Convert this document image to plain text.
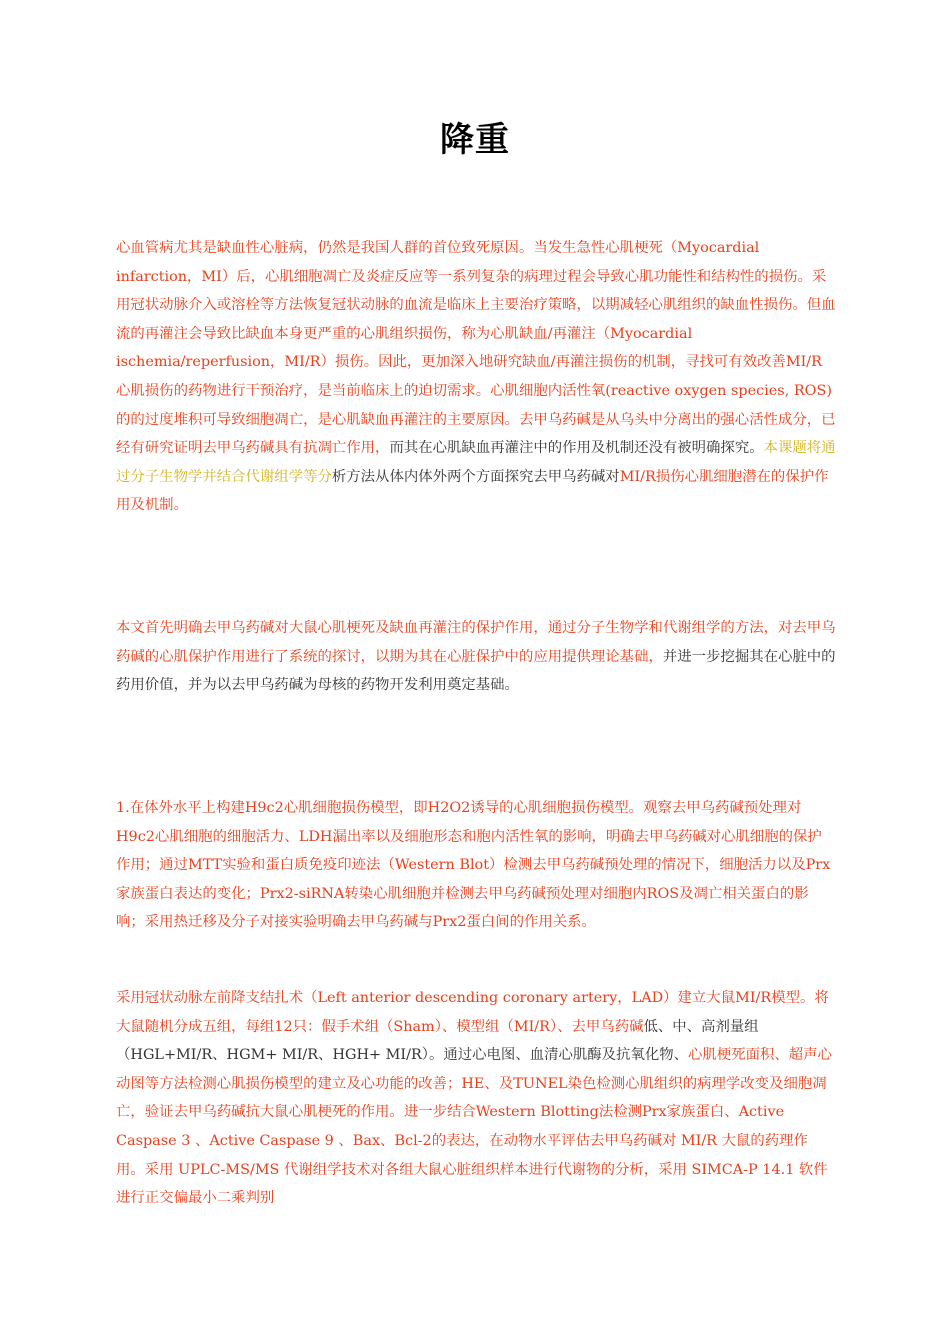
降重

心血管病尤其是缺血性心脏病，仍然是我国人群的首位致死原因。当发生急性心肌梗死（Myocardial infarction，MI）后，心肌细胞凋亡及炎症反应等一系列复杂的病理过程会导致心肌功能性和结构性的损伤。采用冠状动脉介入或溶栓等方法恢复冠状动脉的血流是临床上主要治疗策略，以期减轻心肌组织的缺血性损伤。但血流的再灌注会导致比缺血本身更严重的心肌组织损伤，称为心肌缺血/再灌注（Myocardial ischemia/reperfusion，MI/R）损伤。因此，更加深入地研究缺血/再灌注损伤的机制，寻找可有效改善MI/R心肌损伤的药物进行干预治疗，是当前临床上的迫切需求。心肌细胞内活性氧(reactive oxygen species, ROS)的的过度堆积可导致细胞凋亡，是心肌缺血再灌注的主要原因。去甲乌药碱是从乌头中分离出的强心活性成分，已经有研究证明去甲乌药碱具有抗凋亡作用，而其在心肌缺血再灌注中的作用及机制还没有被明确探究。本课题将通过分子生物学并结合代谢组学等分析方法从体内体外两个方面探究去甲乌药碱对MI/R损伤心肌细胞潜在的保护作用及机制。

本文首先明确去甲乌药碱对大鼠心肌梗死及缺血再灌注的保护作用，通过分子生物学和代谢组学的方法，对去甲乌药碱的心肌保护作用进行了系统的探讨，以期为其在心脏保护中的应用提供理论基础，并进一步挖掘其在心脏中的药用价值，并为以去甲乌药碱为母核的药物开发利用奠定基础。

1.在体外水平上构建H9c2心肌细胞损伤模型，即H2O2诱导的心肌细胞损伤模型。观察去甲乌药碱预处理对H9c2心肌细胞的细胞活力、LDH漏出率以及细胞形态和胞内活性氧的影响，明确去甲乌药碱对心肌细胞的保护作用；通过MTT实验和蛋白质免疫印迹法（Western Blot）检测去甲乌药碱预处理的情况下，细胞活力以及Prx家族蛋白表达的变化；Prx2-siRNA转染心肌细胞并检测去甲乌药碱预处理对细胞内ROS及凋亡相关蛋白的影响；采用热迁移及分子对接实验明确去甲乌药碱与Prx2蛋白间的作用关系。

采用冠状动脉左前降支结扎术（Left anterior descending coronary artery，LAD）建立大鼠MI/R模型。将大鼠随机分成五组，每组12只：假手术组（Sham）、模型组（MI/R）、去甲乌药碱低、中、高剂量组（HGL+MI/R、HGM+ MI/R、HGH+ MI/R）。通过心电图、血清心肌酶及抗氧化物、心肌梗死面积、超声心动图等方法检测心肌损伤模型的建立及心功能的改善；HE、及TUNEL染色检测心肌组织的病理学改变及细胞凋亡，验证去甲乌药碱抗大鼠心肌梗死的作用。进一步结合Western Blotting法检测Prx家族蛋白、Active Caspase 3 、Active Caspase 9 、Bax、Bcl-2的表达，在动物水平评估去甲乌药碱对 MI/R 大鼠的药理作用。采用 UPLC-MS/MS 代谢组学技术对各组大鼠心脏组织样本进行代谢物的分析，采用 SIMCA-P 14.1 软件进行正交偏最小二乘判别
